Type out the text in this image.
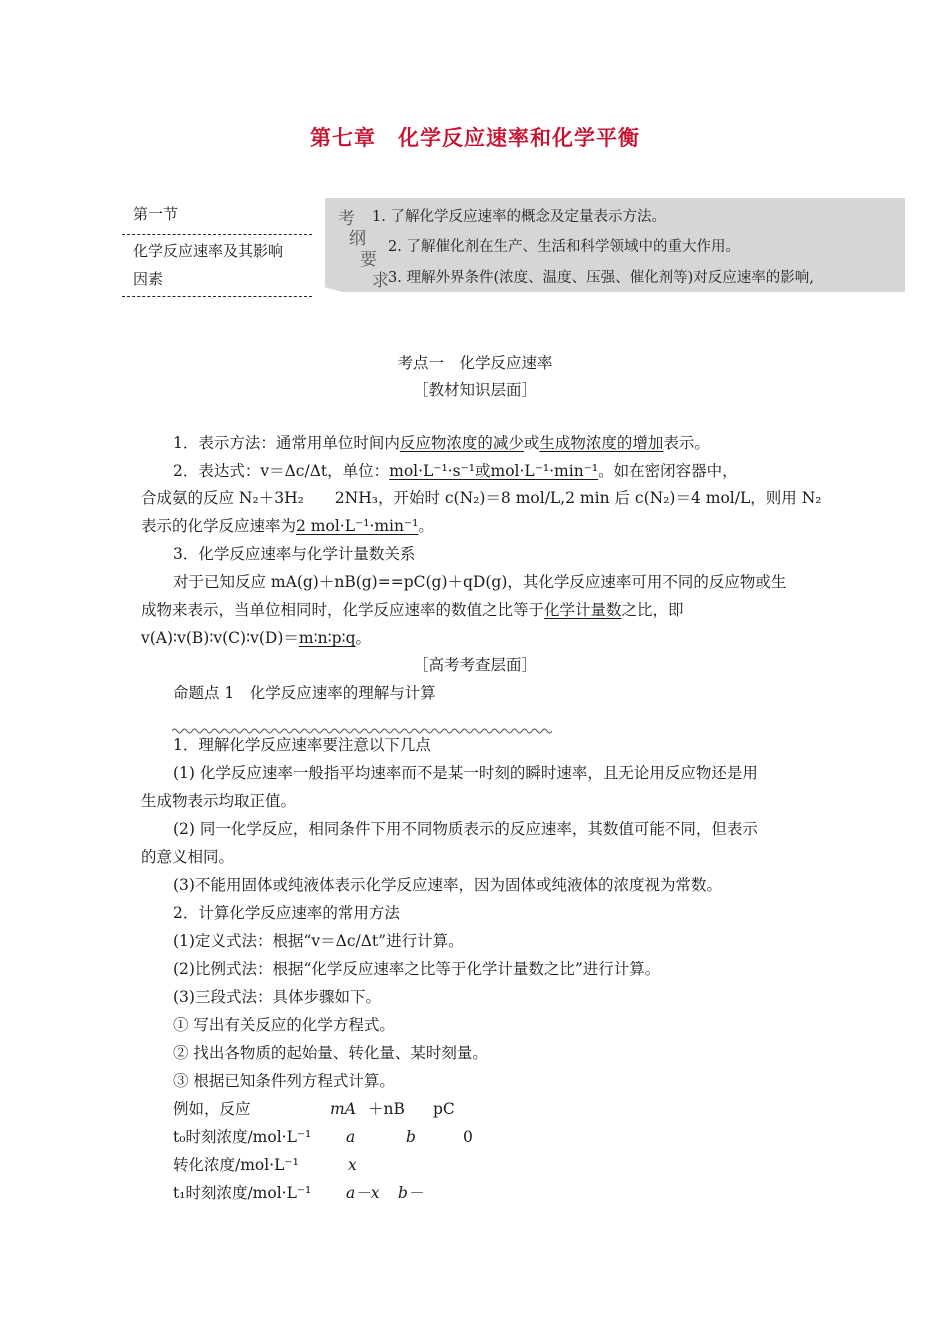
第七章　化学反应速率和化学平衡
第一节
化学反应速率及其影响
因素
考
纲
要
求
1. 了解化学反应速率的概念及定量表示方法。
2. 了解催化剂在生产、生活和科学领域中的重大作用。
3. 理解外界条件(浓度、温度、压强、催化剂等)对反应速率的影响,
考点一　化学反应速率
［教材知识层面］
1．表示方法：通常用单位时间内反应物浓度的减少或生成物浓度的增加表示。
2．表达式：v＝Δc/Δt，单位：mol·L⁻¹·s⁻¹或mol·L⁻¹·min⁻¹。如在密闭容器中，
合成氨的反应 N₂＋3H₂　　2NH₃，开始时 c(N₂)＝8 mol/L,2 min 后 c(N₂)＝4 mol/L，则用 N₂
表示的化学反应速率为2 mol·L⁻¹·min⁻¹。
3．化学反应速率与化学计量数关系
对于已知反应 mA(g)＋nB(g)==pC(g)＋qD(g)，其化学反应速率可用不同的反应物或生
成物来表示，当单位相同时，化学反应速率的数值之比等于化学计量数之比，即
v(A)∶v(B)∶v(C)∶v(D)＝m∶n∶p∶q。
［高考考查层面］
命题点 1　化学反应速率的理解与计算
1．理解化学反应速率要注意以下几点
(1) 化学反应速率一般指平均速率而不是某一时刻的瞬时速率，且无论用反应物还是用
生成物表示均取正值。
(2) 同一化学反应，相同条件下用不同物质表示的反应速率，其数值可能不同，但表示
的意义相同。
(3)不能用固体或纯液体表示化学反应速率，因为固体或纯液体的浓度视为常数。
2．计算化学反应速率的常用方法
(1)定义式法：根据“v＝Δc/Δt”进行计算。
(2)比例式法：根据“化学反应速率之比等于化学计量数之比”进行计算。
(3)三段式法：具体步骤如下。
① 写出有关反应的化学方程式。
② 找出各物质的起始量、转化量、某时刻量。
③ 根据已知条件列方程式计算。
例如，反应	mA ＋nB pC
t₀时刻浓度/mol·L⁻¹ a	b	0
转化浓度/mol·L⁻¹	x
t₁时刻浓度/mol·L⁻¹ a－x b－
